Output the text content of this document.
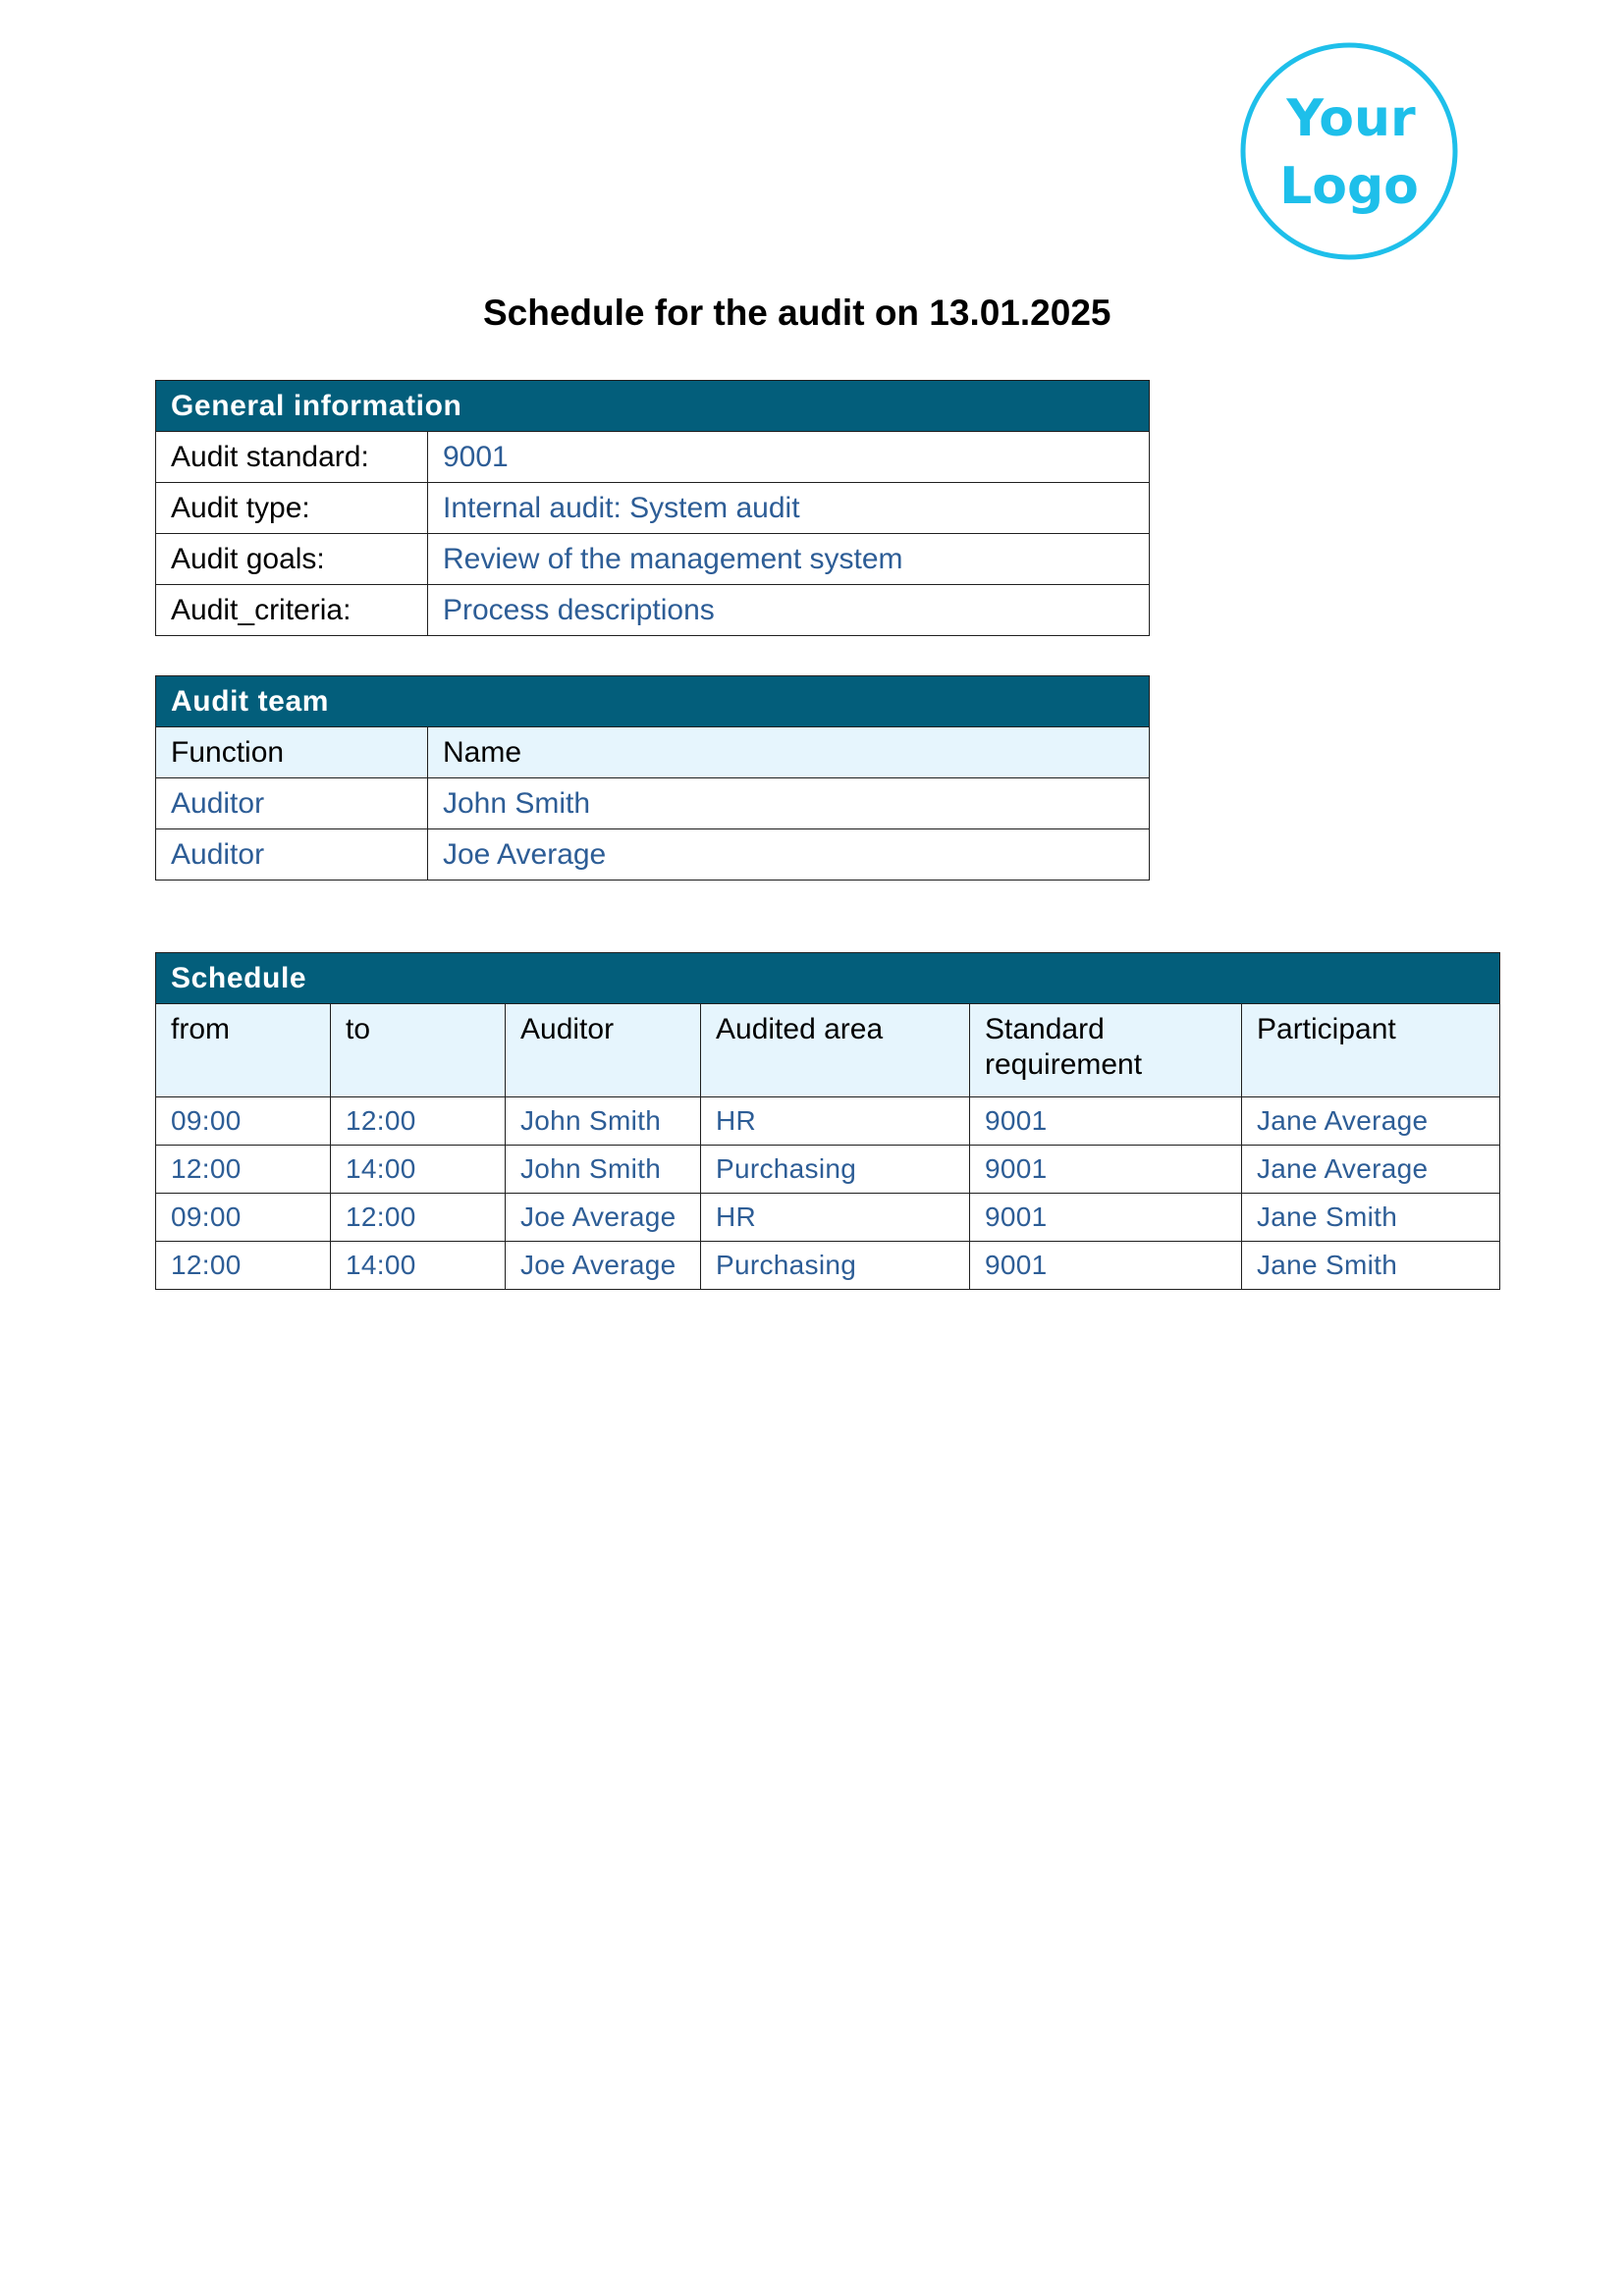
Your
Logo
Schedule for the audit on 13.01.2025
General information	
Audit standard:	9001
Audit type:	Internal audit: System audit
Audit goals:	Review of the management system
Audit_criteria:	Process descriptions
Audit team	
Function	Name
Auditor	John Smith
Auditor	Joe Average
Schedule					
from	to	Auditor	Audited area	Standard requirement	Participant
09:00	12:00	John Smith	HR	9001	Jane Average
12:00	14:00	John Smith	Purchasing	9001	Jane Average
09:00	12:00	Joe Average	HR	9001	Jane Smith
12:00	14:00	Joe Average	Purchasing	9001	Jane Smith
